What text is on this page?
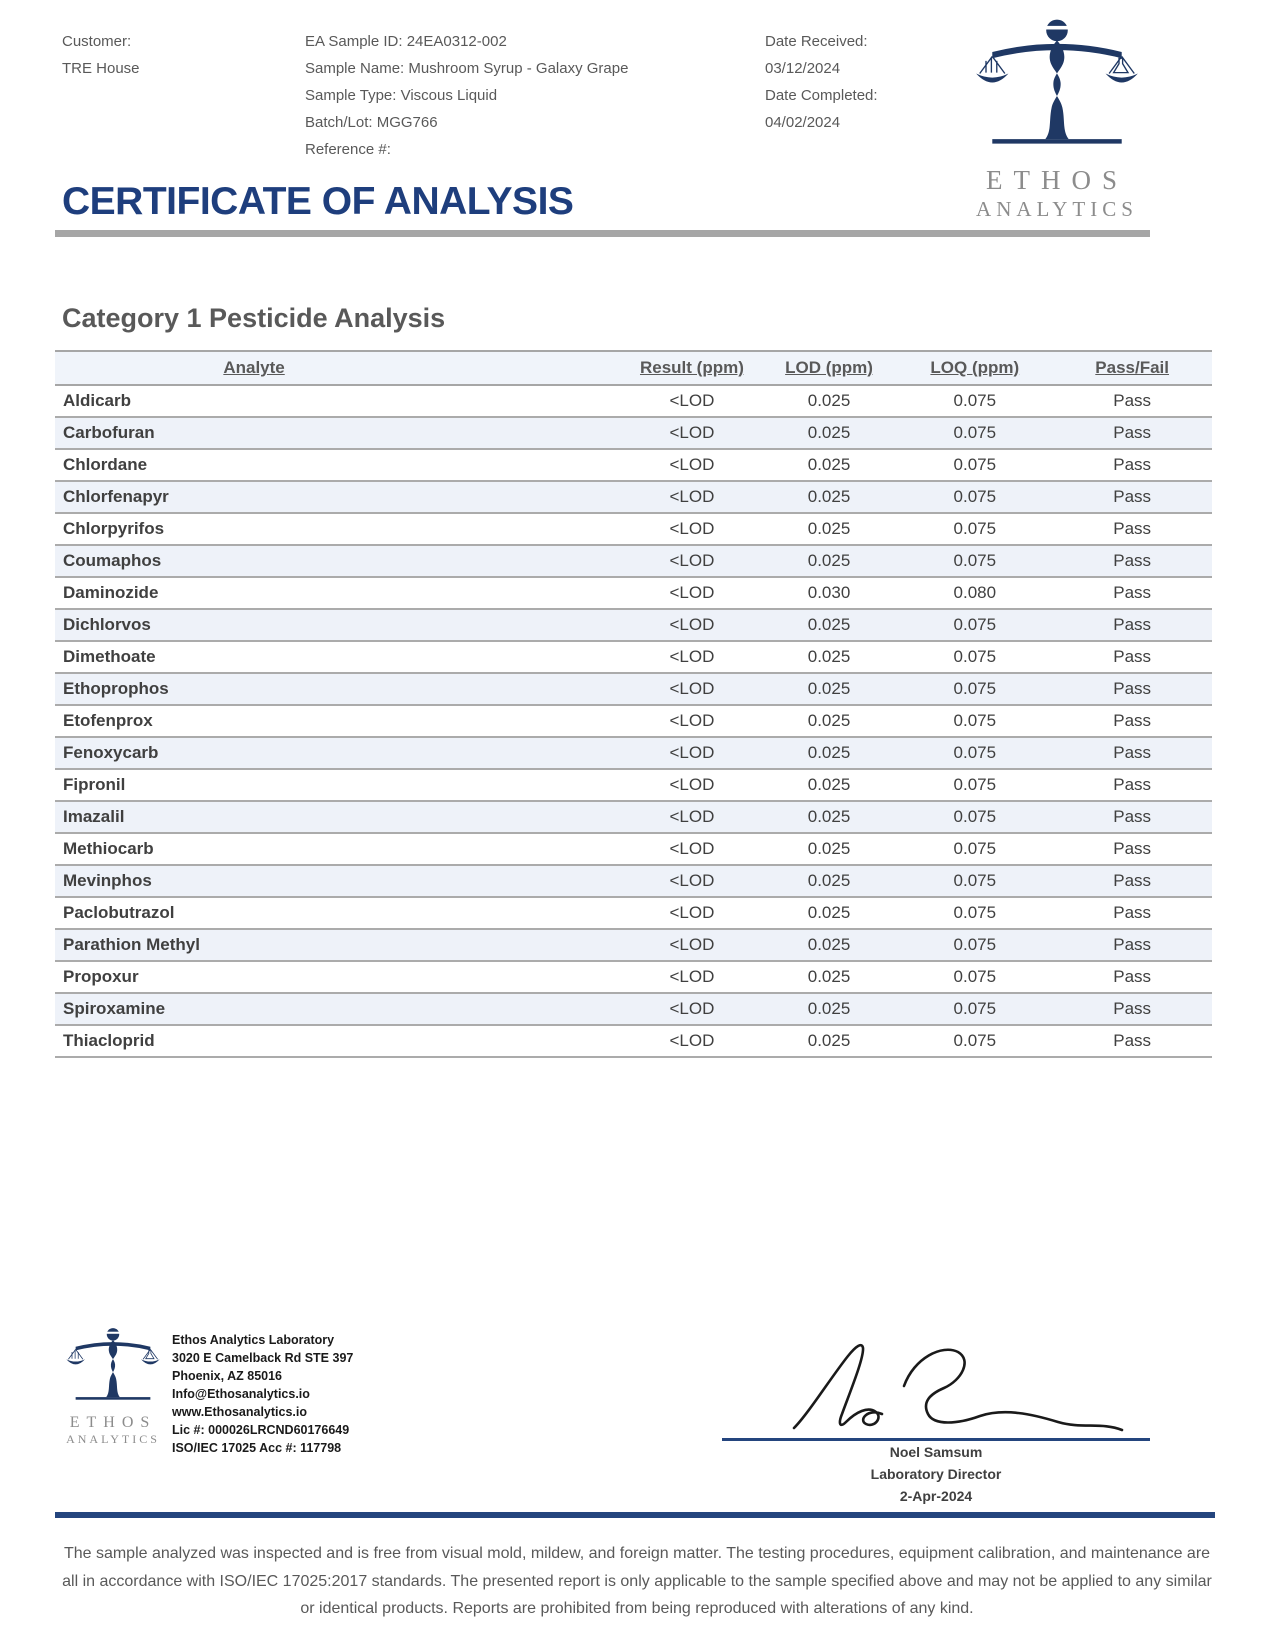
Customer:
TRE House
EA Sample ID: 24EA0312-002
Sample Name: Mushroom Syrup - Galaxy Grape
Sample Type: Viscous Liquid
Batch/Lot: MGG766
Reference #:
Date Received:
03/12/2024
Date Completed:
04/02/2024
ETHOS
ANALYTICS
CERTIFICATE OF ANALYSIS
Category 1 Pesticide Analysis
Analyte	Result (ppm)	LOD (ppm)	LOQ (ppm)	Pass/Fail
Aldicarb	<LOD	0.025	0.075	Pass
Carbofuran	<LOD	0.025	0.075	Pass
Chlordane	<LOD	0.025	0.075	Pass
Chlorfenapyr	<LOD	0.025	0.075	Pass
Chlorpyrifos	<LOD	0.025	0.075	Pass
Coumaphos	<LOD	0.025	0.075	Pass
Daminozide	<LOD	0.030	0.080	Pass
Dichlorvos	<LOD	0.025	0.075	Pass
Dimethoate	<LOD	0.025	0.075	Pass
Ethoprophos	<LOD	0.025	0.075	Pass
Etofenprox	<LOD	0.025	0.075	Pass
Fenoxycarb	<LOD	0.025	0.075	Pass
Fipronil	<LOD	0.025	0.075	Pass
Imazalil	<LOD	0.025	0.075	Pass
Methiocarb	<LOD	0.025	0.075	Pass
Mevinphos	<LOD	0.025	0.075	Pass
Paclobutrazol	<LOD	0.025	0.075	Pass
Parathion Methyl	<LOD	0.025	0.075	Pass
Propoxur	<LOD	0.025	0.075	Pass
Spiroxamine	<LOD	0.025	0.075	Pass
Thiacloprid	<LOD	0.025	0.075	Pass
ETHOS
ANALYTICS
Ethos Analytics Laboratory
3020 E Camelback Rd STE 397
Phoenix, AZ 85016
Info@Ethosanalytics.io
www.Ethosanalytics.io
Lic #: 000026LRCND60176649
ISO/IEC 17025 Acc #: 117798	Noel Samsum
Laboratory Director
2-Apr-2024
The sample analyzed was inspected and is free from visual mold, mildew, and foreign matter. The testing procedures, equipment calibration, and maintenance are all in accordance with ISO/IEC 17025:2017 standards. The presented report is only applicable to the sample specified above and may not be applied to any similar or identical products. Reports are prohibited from being reproduced with alterations of any kind.
